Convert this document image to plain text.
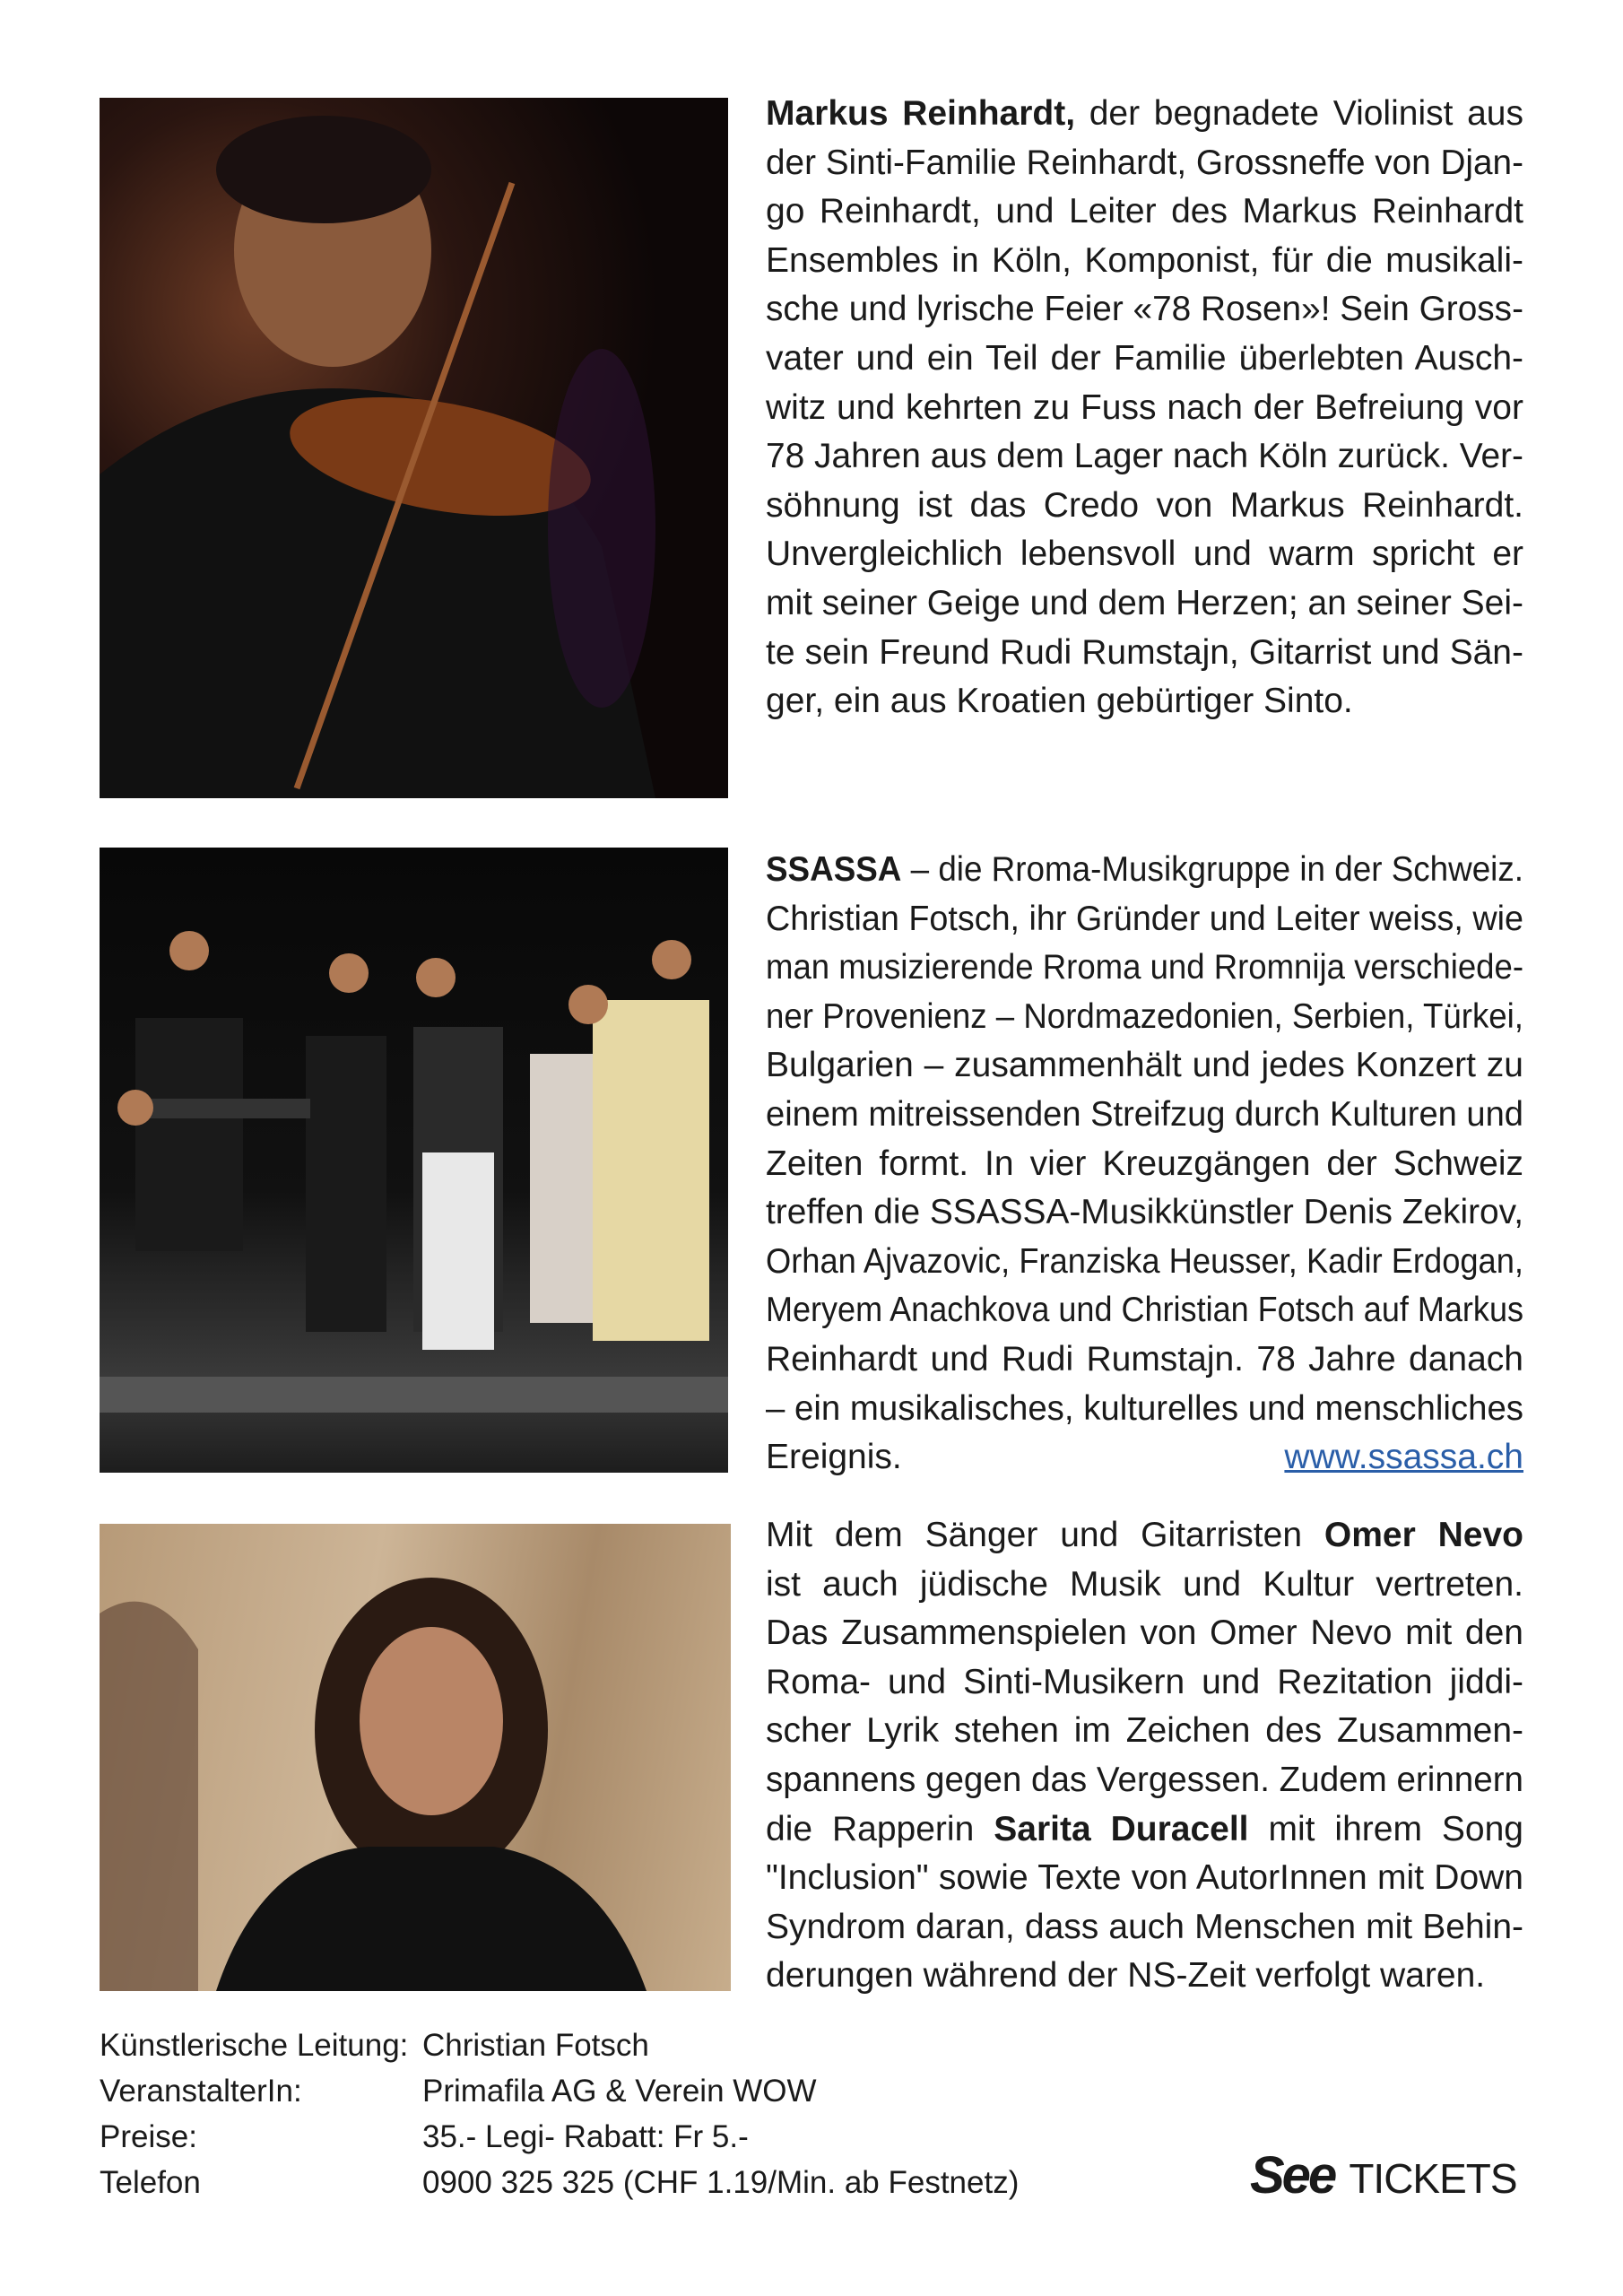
Markus Reinhardt, der begnadete Violinist aus
der Sinti-Familie Reinhardt, Grossneffe von Djan-
go Reinhardt, und Leiter des Markus Reinhardt
Ensembles in Köln, Komponist, für die musikali-
sche und lyrische Feier «78 Rosen»! Sein Gross-
vater und ein Teil der Familie überlebten Ausch-
witz und kehrten zu Fuss nach der Befreiung vor
78 Jahren aus dem Lager nach Köln zurück. Ver-
söhnung ist das Credo von Markus Reinhardt.
Unvergleichlich lebensvoll und warm spricht er
mit seiner Geige und dem Herzen; an seiner Sei-
te sein Freund Rudi Rumstajn, Gitarrist und Sän-
ger, ein aus Kroatien gebürtiger Sinto.
SSASSA – die Rroma-Musikgruppe in der Schweiz.
Christian Fotsch, ihr Gründer und Leiter weiss, wie
man musizierende Rroma und Rromnija verschiede-
ner Provenienz – Nordmazedonien, Serbien, Türkei,
Bulgarien – zusammenhält und jedes Konzert zu
einem mitreissenden Streifzug durch Kulturen und
Zeiten formt. In vier Kreuzgängen der Schweiz
treffen die SSASSA-Musikkünstler Denis Zekirov,
Orhan Ajvazovic, Franziska Heusser, Kadir Erdogan,
Meryem Anachkova und Christian Fotsch auf Markus
Reinhardt und Rudi Rumstajn. 78 Jahre danach
– ein musikalisches, kulturelles und menschliches
Ereignis.	www.ssassa.ch
Mit dem Sänger und Gitarristen Omer Nevo
ist auch jüdische Musik und Kultur vertreten.
Das Zusammenspielen von Omer Nevo mit den
Roma- und Sinti-Musikern und Rezitation jiddi-
scher Lyrik stehen im Zeichen des Zusammen-
spannens gegen das Vergessen. Zudem erinnern
die Rapperin Sarita Duracell mit ihrem Song
"Inclusion" sowie Texte von AutorInnen mit Down
Syndrom daran, dass auch Menschen mit Behin-
derungen während der NS-Zeit verfolgt waren.
Künstlerische Leitung: Christian Fotsch
VeranstalterIn:	Primafila AG & Verein WOW
Preise:	35.- Legi- Rabatt: Fr 5.-
Telefon	0900 325 325 (CHF 1.19/Min. ab Festnetz)	See TICKETS
